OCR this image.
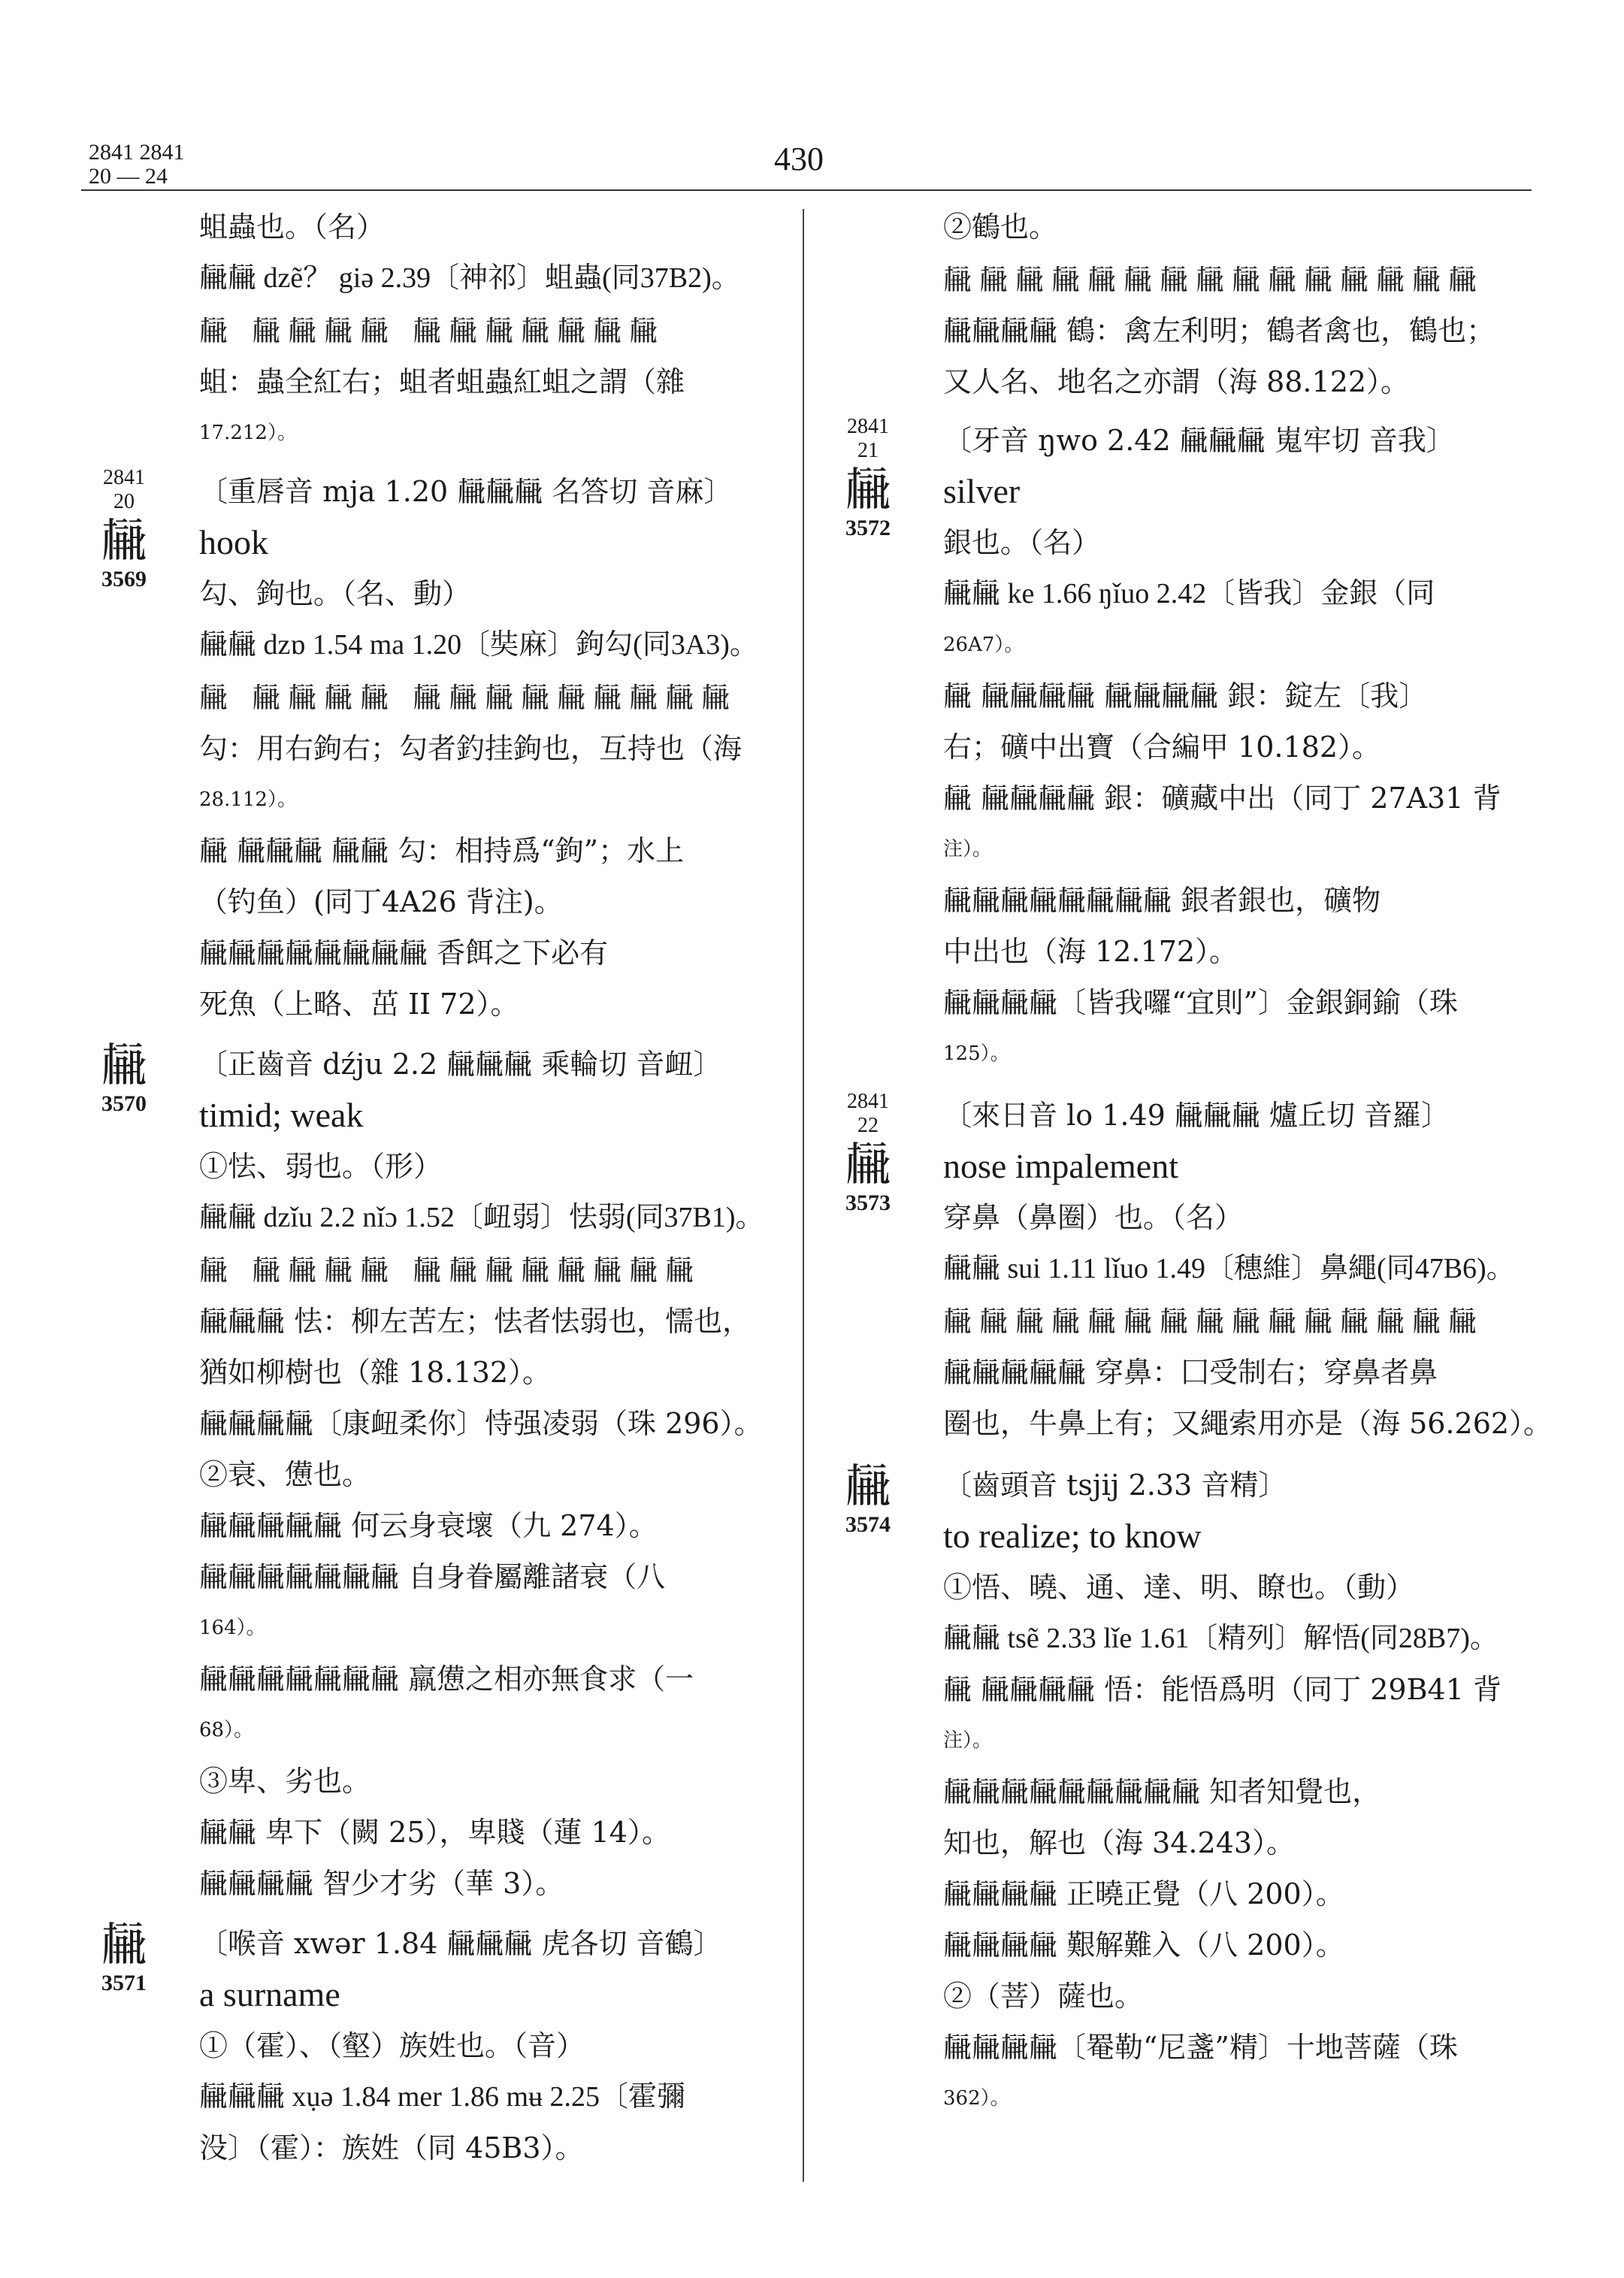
2841 2841
20 — 24	430
蛆蟲也。（名）
𗍳𗍳 dzẽ？ giə 2.39〔神祁〕蛆蟲(同37B2)。
𗍳 𗍳𗍳𗍳𗍳 𗍳𗍳𗍳𗍳𗍳𗍳𗍳
蛆：蟲全紅右；蛆者蛆蟲紅蛆之謂（雜
17.212）。
2841
20
𗍳
3569
〔重唇音 mja 1.20 𗍳𗍳𗍳 名答切 音麻〕
hook
勾、鉤也。（名、動）
𗍳𗍳 dzɒ 1.54 ma 1.20〔奘麻〕鉤勾(同3A3)。
𗍳 𗍳𗍳𗍳𗍳 𗍳𗍳𗍳𗍳𗍳𗍳𗍳𗍳𗍳
勾：用右鉤右；勾者釣挂鉤也，互持也（海
28.112）。
𗍳 𗍳𗍳𗍳 𗍳𗍳 勾：相持爲“鉤”；水上
（钓鱼）(同丁4A26 背注)。
𗍳𗍳𗍳𗍳𗍳𗍳𗍳𗍳 香餌之下必有
死魚（上略、茁 II 72）。
𗍳
3570
〔正齒音 dźju 2.2 𗍳𗍳𗍳 乘輪切 音衄〕
timid; weak
①怯、弱也。（形）
𗍳𗍳 dzǐu 2.2 nǐɔ 1.52〔衄弱〕怯弱(同37B1)。
𗍳 𗍳𗍳𗍳𗍳 𗍳𗍳𗍳𗍳𗍳𗍳𗍳𗍳
𗍳𗍳𗍳 怯：柳左苦左；怯者怯弱也，懦也，
猶如柳樹也（雜 18.132）。
𗍳𗍳𗍳𗍳〔康衄柔你〕恃强凌弱（珠 296）。
②衰、憊也。
𗍳𗍳𗍳𗍳𗍳 何云身衰壞（九 274）。
𗍳𗍳𗍳𗍳𗍳𗍳𗍳 自身眷屬離諸衰（八
164）。
𗍳𗍳𗍳𗍳𗍳𗍳𗍳 羸憊之相亦無食求（一
68）。
③卑、劣也。
𗍳𗍳 卑下（闕 25），卑賤（蓮 14）。
𗍳𗍳𗍳𗍳 智少才劣（華 3）。
𗍳
3571
〔喉音 xwər 1.84 𗍳𗍳𗍳 虎各切 音鶴〕
a surname
①（霍）、（壑）族姓也。（音）
𗍳𗍳𗍳 xụə 1.84 mer 1.86 mʉ 2.25〔霍彌
没〕（霍）：族姓（同 45B3）。
②鶴也。
𗍳𗍳𗍳𗍳𗍳𗍳𗍳𗍳𗍳𗍳𗍳𗍳𗍳𗍳𗍳
𗍳𗍳𗍳𗍳 鶴：禽左利明；鶴者禽也，鶴也；
又人名、地名之亦謂（海 88.122）。
2841
21
𗍳
3572
〔牙音 ŋwo 2.42 𗍳𗍳𗍳 嵬牢切 音我〕
silver
銀也。（名）
𗍳𗍳 ke 1.66 ŋǐuo 2.42〔皆我〕金銀（同
26A7）。
𗍳 𗍳𗍳𗍳𗍳 𗍳𗍳𗍳𗍳 銀：錠左〔我〕
右；礦中出寶（合編甲 10.182）。
𗍳 𗍳𗍳𗍳𗍳 銀：礦藏中出（同丁 27A31 背
注）。
𗍳𗍳𗍳𗍳𗍳𗍳𗍳𗍳 銀者銀也，礦物
中出也（海 12.172）。
𗍳𗍳𗍳𗍳〔皆我囉“宜則”〕金銀銅鍮（珠
125）。
2841
22
𗍳
3573
〔來日音 lo 1.49 𗍳𗍳𗍳 爐丘切 音羅〕
nose impalement
穿鼻（鼻圈）也。（名）
𗍳𗍳 sui 1.11 lǐuo 1.49〔穗維〕鼻繩(同47B6)。
𗍳𗍳𗍳𗍳𗍳𗍳𗍳𗍳𗍳𗍳𗍳𗍳𗍳𗍳𗍳
𗍳𗍳𗍳𗍳𗍳 穿鼻：囗受制右；穿鼻者鼻
圈也，牛鼻上有；又繩索用亦是（海 56.262）。
𗍳
3574
〔齒頭音 tsjij 2.33 音精〕
to realize; to know
①悟、曉、通、達、明、瞭也。（動）
𗍳𗍳 tsẽ 2.33 lǐe 1.61〔精列〕解悟(同28B7)。
𗍳 𗍳𗍳𗍳𗍳 悟：能悟爲明（同丁 29B41 背
注）。
𗍳𗍳𗍳𗍳𗍳𗍳𗍳𗍳𗍳 知者知覺也，
知也，解也（海 34.243）。
𗍳𗍳𗍳𗍳 正曉正覺（八 200）。
𗍳𗍳𗍳𗍳 艱解難入（八 200）。
②（菩）薩也。
𗍳𗍳𗍳𗍳〔罨勒“尼盞”精〕十地菩薩（珠
362）。
